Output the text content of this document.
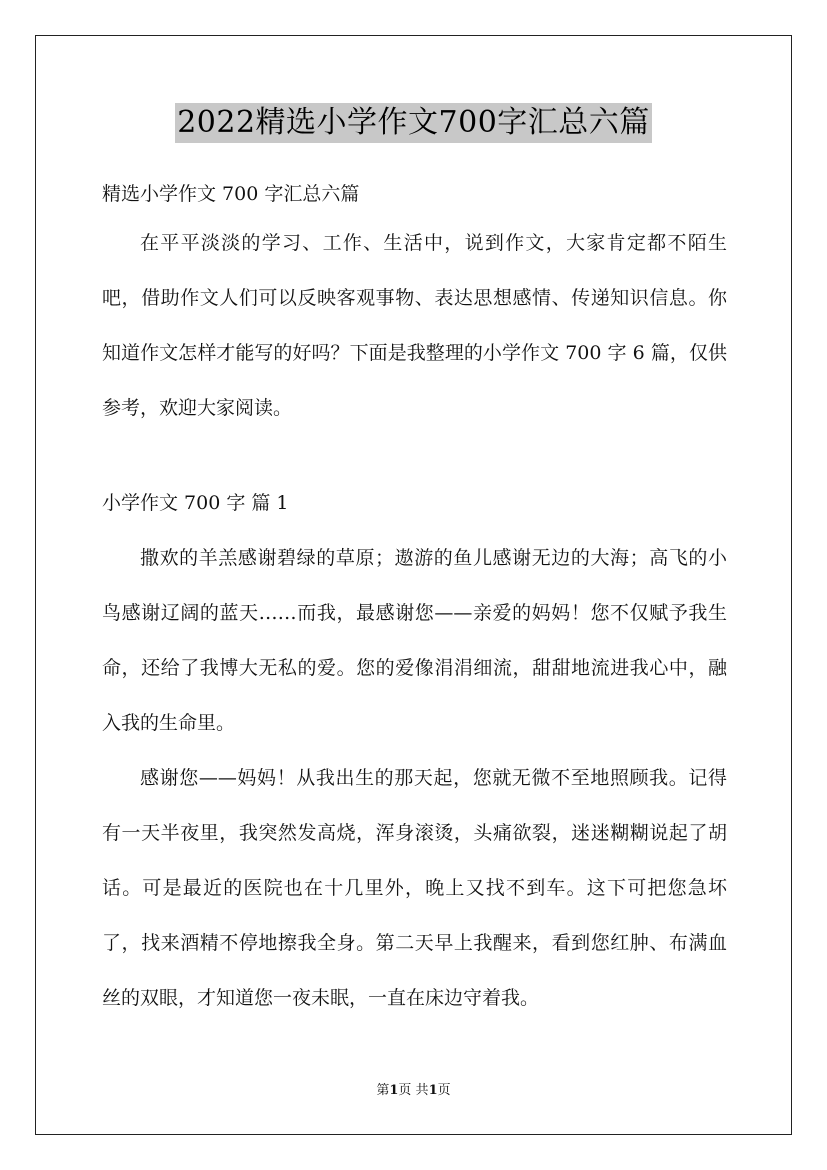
2022精选小学作文700字汇总六篇

精选小学作文 700 字汇总六篇

在平平淡淡的学习、工作、生活中，说到作文，大家肯定都不陌生吧，借助作文人们可以反映客观事物、表达思想感情、传递知识信息。你知道作文怎样才能写的好吗？下面是我整理的小学作文 700 字 6 篇，仅供参考，欢迎大家阅读。

小学作文 700 字 篇 1

撒欢的羊羔感谢碧绿的草原；遨游的鱼儿感谢无边的大海；高飞的小鸟感谢辽阔的蓝天……而我，最感谢您——亲爱的妈妈！您不仅赋予我生命，还给了我博大无私的爱。您的爱像涓涓细流，甜甜地流进我心中，融入我的生命里。

感谢您——妈妈！从我出生的那天起，您就无微不至地照顾我。记得有一天半夜里，我突然发高烧，浑身滚烫，头痛欲裂，迷迷糊糊说起了胡话。可是最近的医院也在十几里外，晚上又找不到车。这下可把您急坏了，找来酒精不停地擦我全身。第二天早上我醒来，看到您红肿、布满血丝的双眼，才知道您一夜未眠，一直在床边守着我。

第1页 共1页
